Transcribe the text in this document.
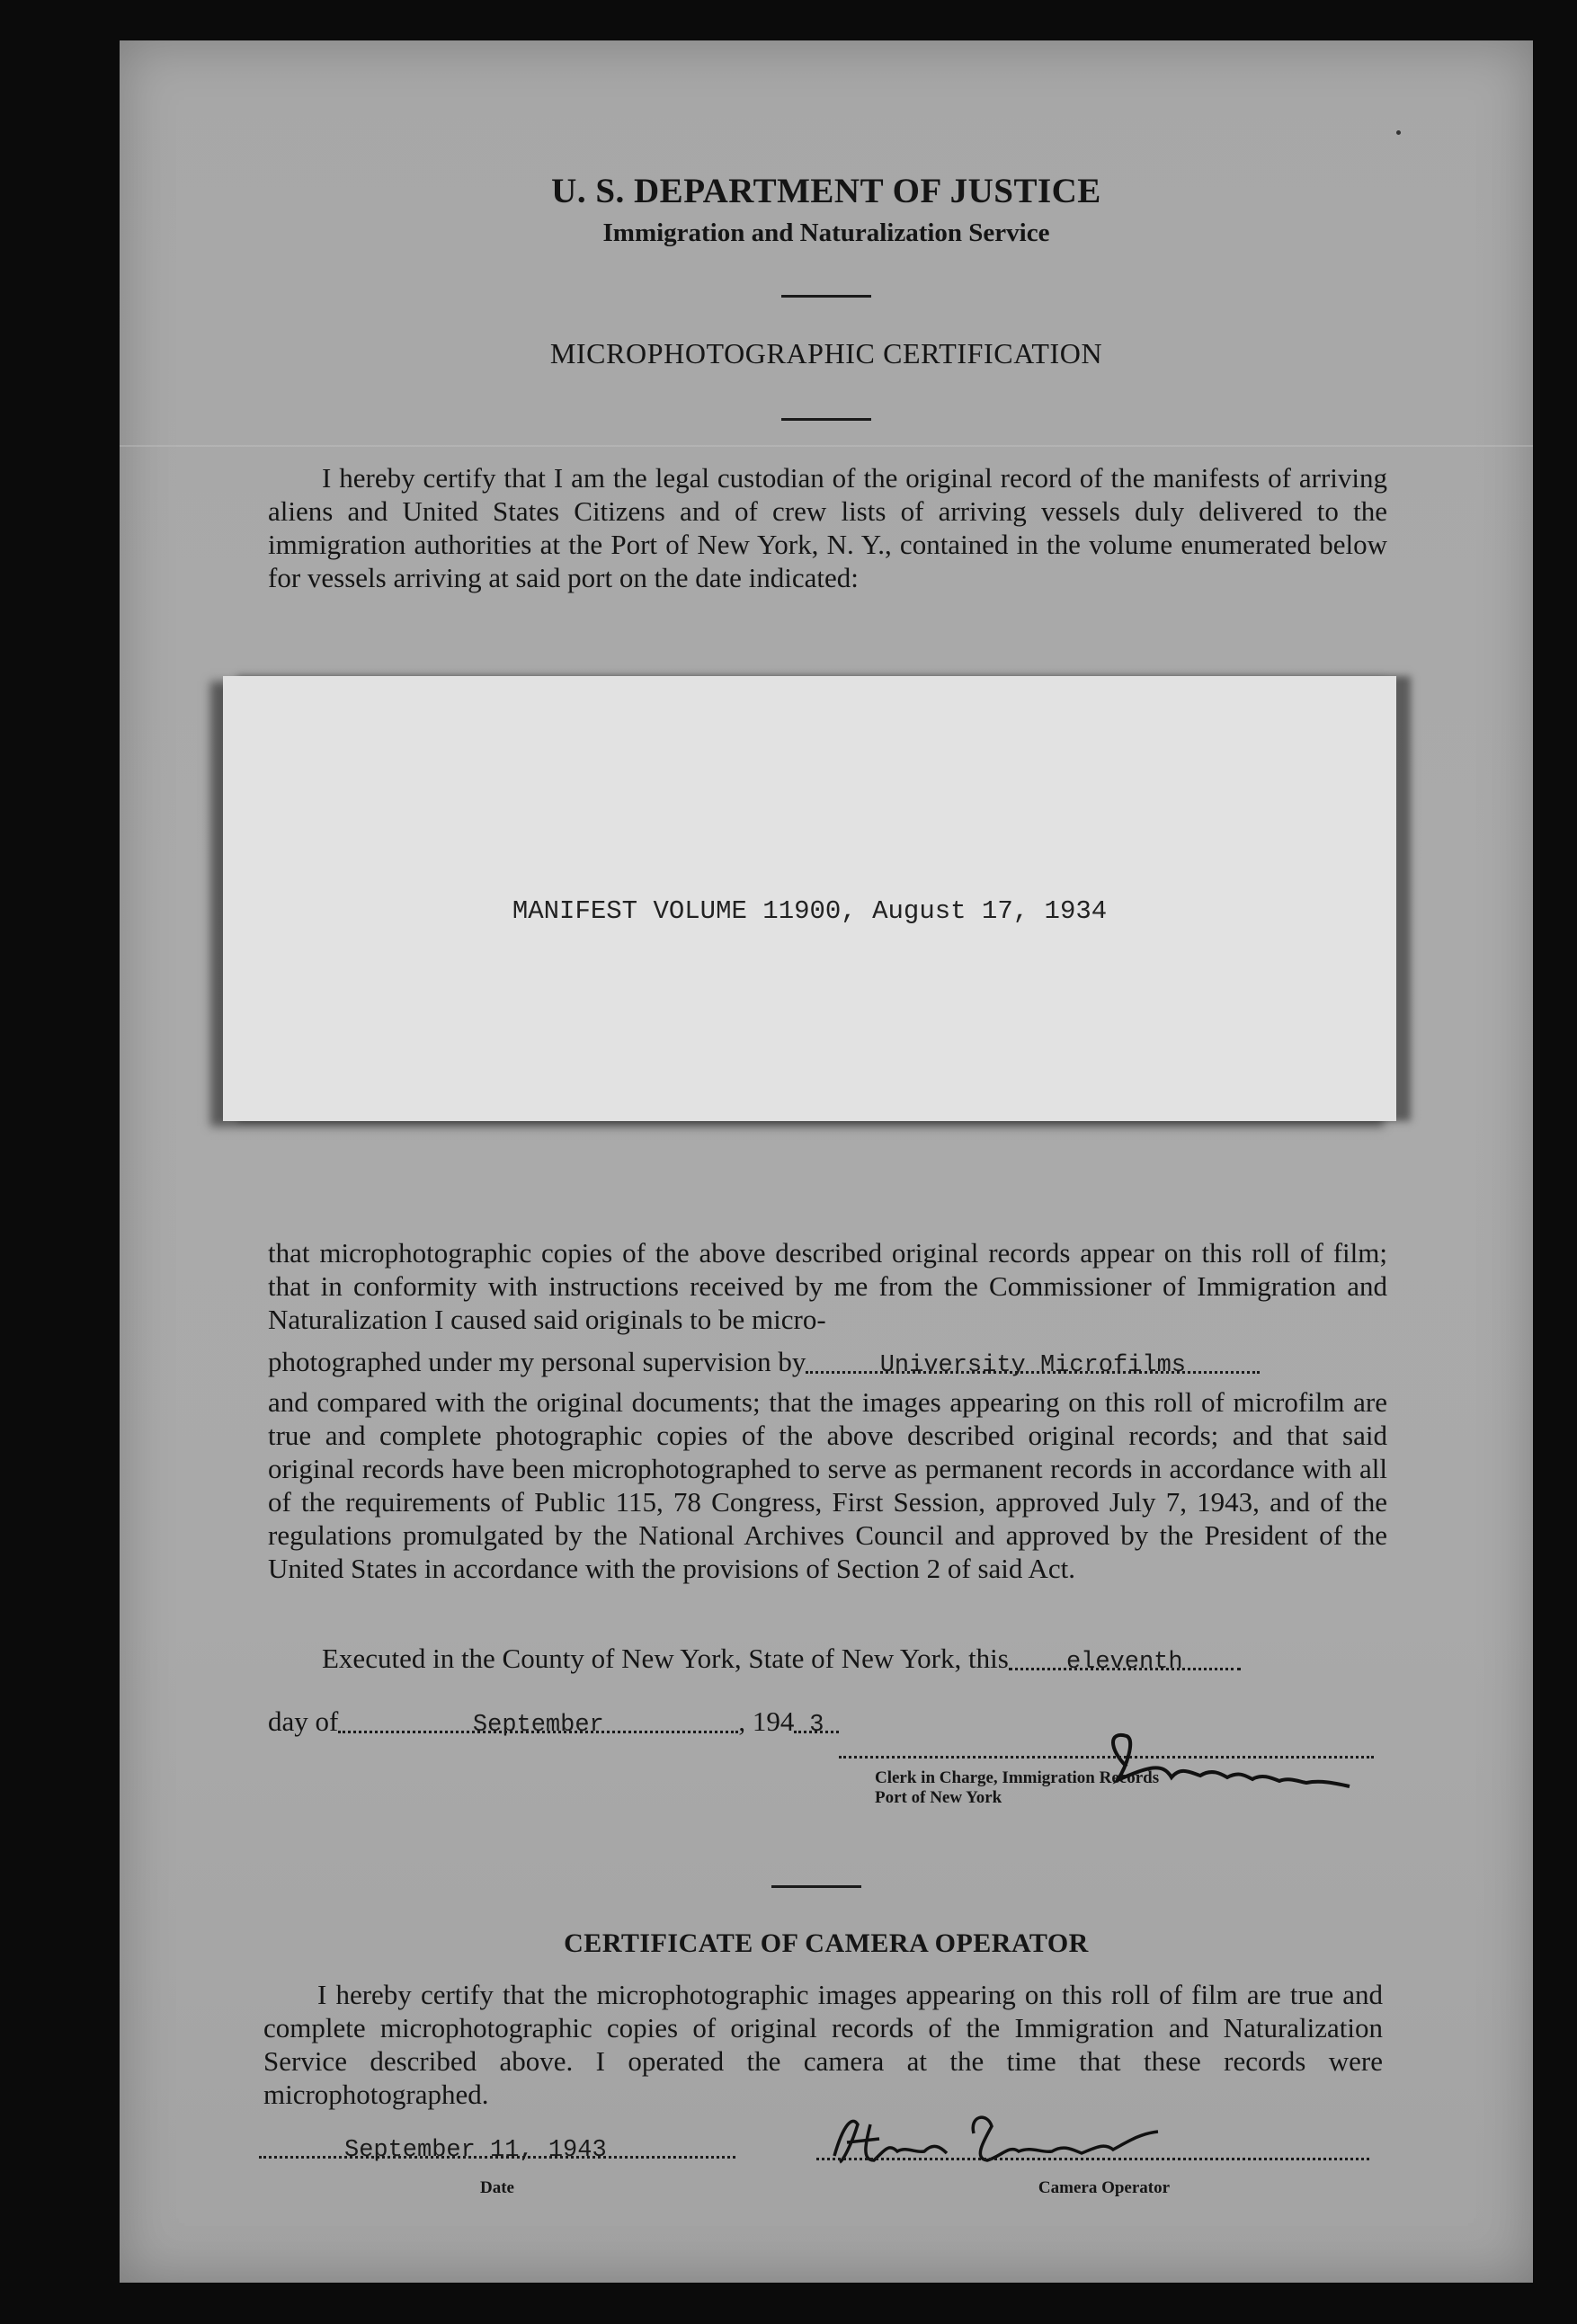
U. S. DEPARTMENT OF JUSTICE
Immigration and Naturalization Service
MICROPHOTOGRAPHIC CERTIFICATION

I hereby certify that I am the legal custodian of the original record of the manifests of arriving aliens and United States Citizens and of crew lists of arriving vessels duly delivered to the immigration authorities at the Port of New York, N. Y., contained in the volume enumerated below for vessels arriving at said port on the date indicated:

that microphotographic copies of the above described original records appear on this roll of film; that in conformity with instructions received by me from the Commissioner of Immigration and Naturalization I caused said originals to be micro-

photographed under my personal supervision by	University Microfilms

and compared with the original documents; that the images appearing on this roll of microfilm are true and complete photographic copies of the above described original records; and that said original records have been microphotographed to serve as permanent records in accordance with all of the requirements of Public 115, 78 Congress, First Session, approved July 7, 1943, and of the regulations promulgated by the National Archives Council and approved by the President of the United States in accordance with the provisions of Section 2 of said Act.

Executed in the County of New York, State of New York, this eleventh
day of	September	, 194 3
Clerk in Charge, Immigration Records
Port of New York
CERTIFICATE OF CAMERA OPERATOR

I hereby certify that the microphotographic images appearing on this roll of film are true and complete microphotographic copies of original records of the Immigration and Naturalization Service described above. I operated the camera at the time that these records were microphotographed.

September 11, 1943
Date	Camera Operator
MANIFEST VOLUME 11900, August 17, 1934
